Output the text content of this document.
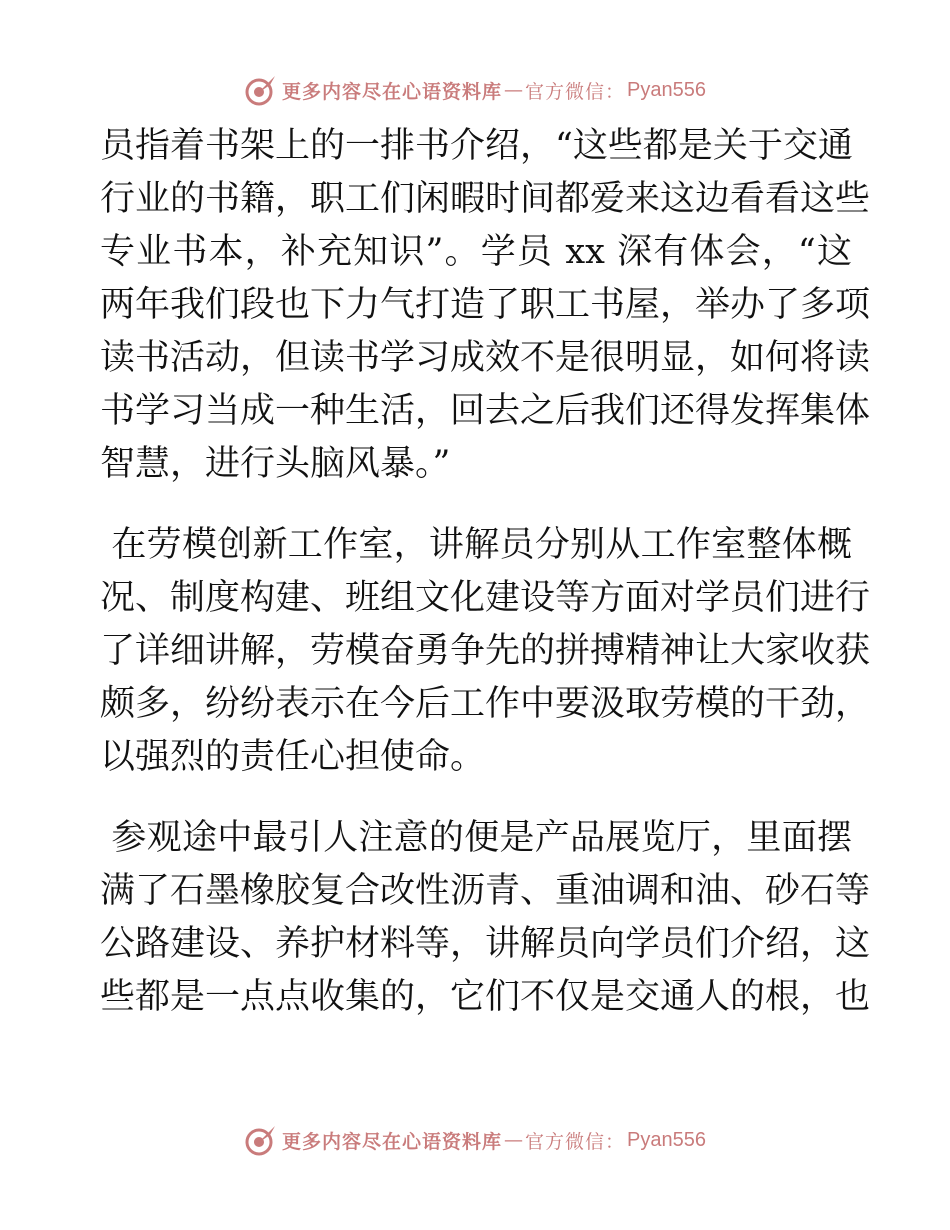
更多内容尽在心语资料库 — 官方微信： Pyan556
员指着书架上的一排书介绍，“这些都是关于交通
行业的书籍，职工们闲暇时间都爱来这边看看这些
专业书本，补充知识”。学员 xx 深有体会，“这
两年我们段也下力气打造了职工书屋，举办了多项
读书活动，但读书学习成效不是很明显，如何将读
书学习当成一种生活，回去之后我们还得发挥集体
智慧，进行头脑风暴。”
在劳模创新工作室，讲解员分别从工作室整体概
况、制度构建、班组文化建设等方面对学员们进行
了详细讲解，劳模奋勇争先的拼搏精神让大家收获
颇多，纷纷表示在今后工作中要汲取劳模的干劲，
以强烈的责任心担使命。
参观途中最引人注意的便是产品展览厅，里面摆
满了石墨橡胶复合改性沥青、重油调和油、砂石等
公路建设、养护材料等，讲解员向学员们介绍，这
些都是一点点收集的，它们不仅是交通人的根，也
更多内容尽在心语资料库 — 官方微信： Pyan556
